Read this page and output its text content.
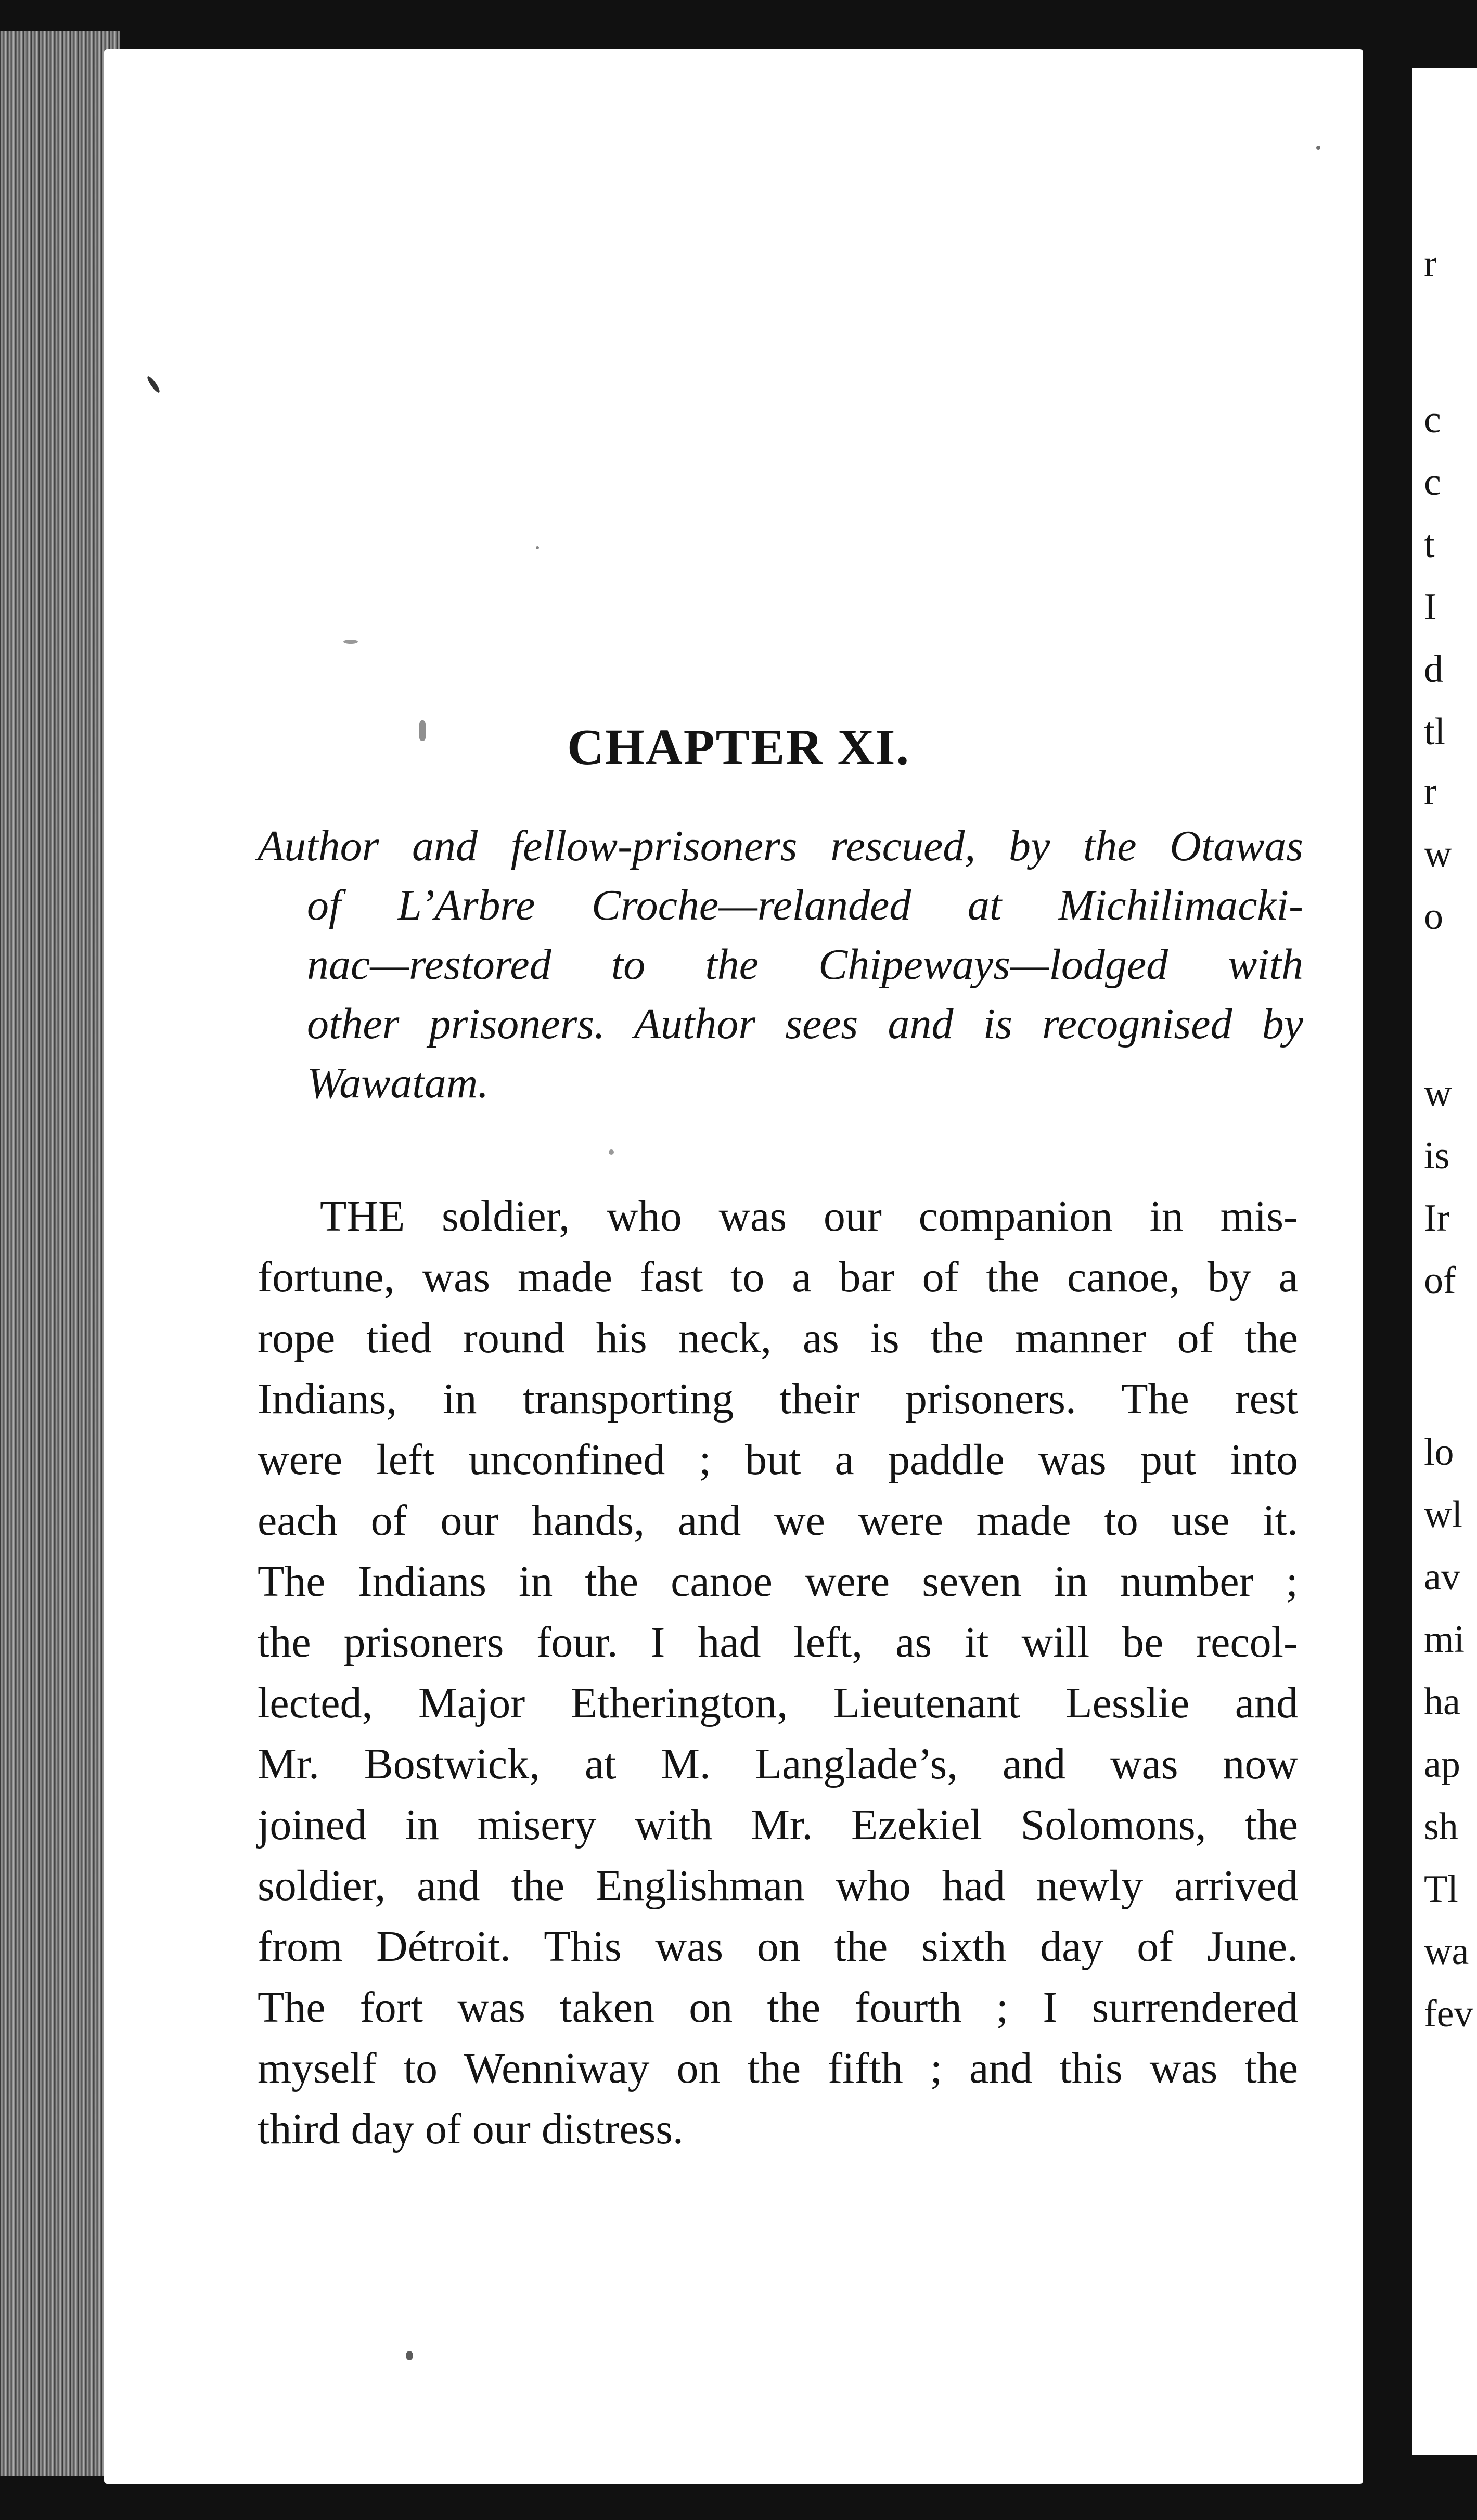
r
c
c
t
I
d
tl
r
w
o
w
is
Ir
of
lo
wl
av
mi
ha
ap
sh
Tl
wa
fev
CHAPTER XI.
Author and fellow-prisoners rescued, by the Otawas
of L’Arbre Croche—relanded at Michilimacki-
nac—restored to the Chipeways—lodged with
other prisoners. Author sees and is recognised by
Wawatam.
THE soldier, who was our companion in mis-
fortune, was made fast to a bar of the canoe, by a
rope tied round his neck, as is the manner of the
Indians, in transporting their prisoners. The rest
were left unconfined ; but a paddle was put into
each of our hands, and we were made to use it.
The Indians in the canoe were seven in number ;
the prisoners four. I had left, as it will be recol-
lected, Major Etherington, Lieutenant Lesslie and
Mr. Bostwick, at M. Langlade’s, and was now
joined in misery with Mr. Ezekiel Solomons, the
soldier, and the Englishman who had newly arrived
from Détroit. This was on the sixth day of June.
The fort was taken on the fourth ; I surrendered
myself to Wenniway on the fifth ; and this was the
third day of our distress.
